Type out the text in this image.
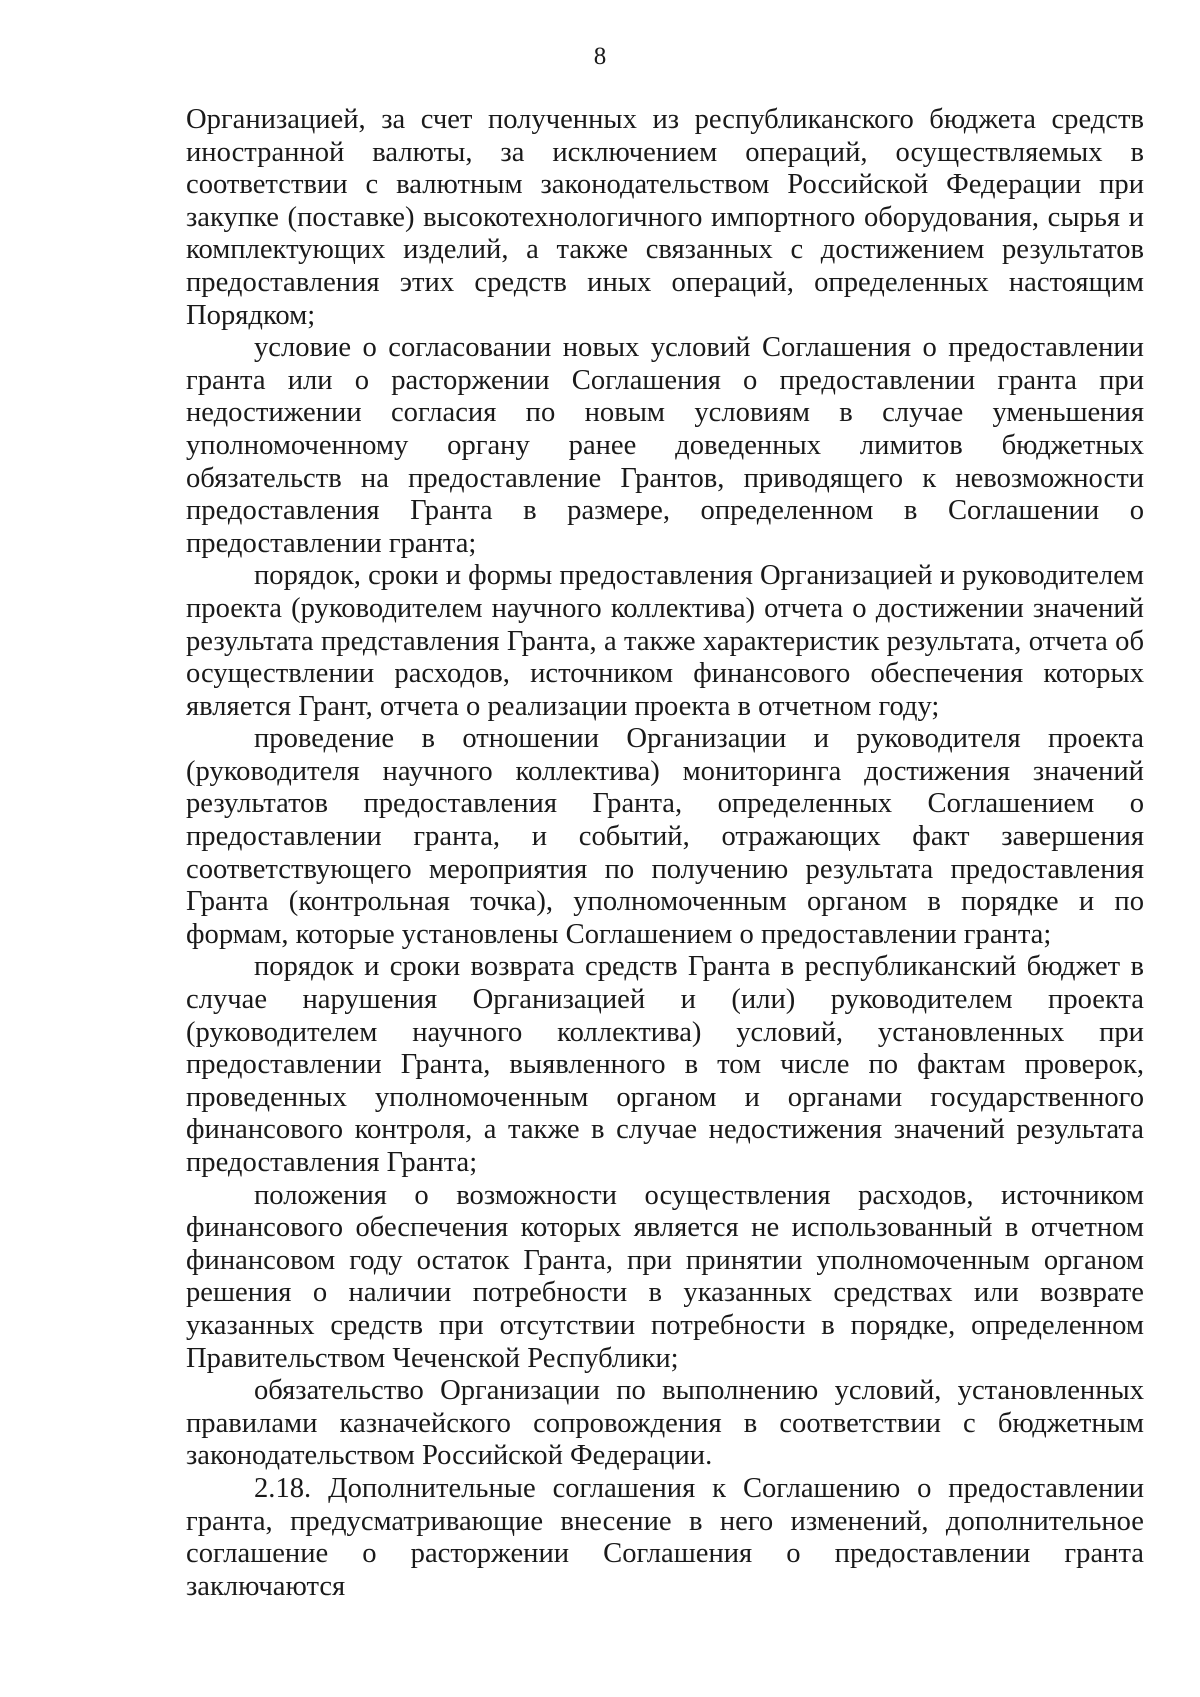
8

Организацией, за счет полученных из республиканского бюджета средств иностранной валюты, за исключением операций, осуществляемых в соответствии с валютным законодательством Российской Федерации при закупке (поставке) высокотехнологичного импортного оборудования, сырья и комплектующих изделий, а также связанных с достижением результатов предоставления этих средств иных операций, определенных настоящим Порядком;

условие о согласовании новых условий Соглашения о предоставлении гранта или о расторжении Соглашения о предоставлении гранта при недостижении согласия по новым условиям в случае уменьшения уполномоченному органу ранее доведенных лимитов бюджетных обязательств на предоставление Грантов, приводящего к невозможности предоставления Гранта в размере, определенном в Соглашении о предоставлении гранта;

порядок, сроки и формы предоставления Организацией и руководителем проекта (руководителем научного коллектива) отчета о достижении значений результата представления Гранта, а также характеристик результата, отчета об осуществлении расходов, источником финансового обеспечения которых является Грант, отчета о реализации проекта в отчетном году;

проведение в отношении Организации и руководителя проекта (руководителя научного коллектива) мониторинга достижения значений результатов предоставления Гранта, определенных Соглашением о предоставлении гранта, и событий, отражающих факт завершения соответствующего мероприятия по получению результата предоставления Гранта (контрольная точка), уполномоченным органом в порядке и по формам, которые установлены Соглашением о предоставлении гранта;

порядок и сроки возврата средств Гранта в республиканский бюджет в случае нарушения Организацией и (или) руководителем проекта (руководителем научного коллектива) условий, установленных при предоставлении Гранта, выявленного в том числе по фактам проверок, проведенных уполномоченным органом и органами государственного финансового контроля, а также в случае недостижения значений результата предоставления Гранта;

положения о возможности осуществления расходов, источником финансового обеспечения которых является не использованный в отчетном финансовом году остаток Гранта, при принятии уполномоченным органом решения о наличии потребности в указанных средствах или возврате указанных средств при отсутствии потребности в порядке, определенном Правительством Чеченской Республики;

обязательство Организации по выполнению условий, установленных правилами казначейского сопровождения в соответствии с бюджетным законодательством Российской Федерации.

2.18. Дополнительные соглашения к Соглашению о предоставлении гранта, предусматривающие внесение в него изменений, дополнительное соглашение о расторжении Соглашения о предоставлении гранта заключаются
